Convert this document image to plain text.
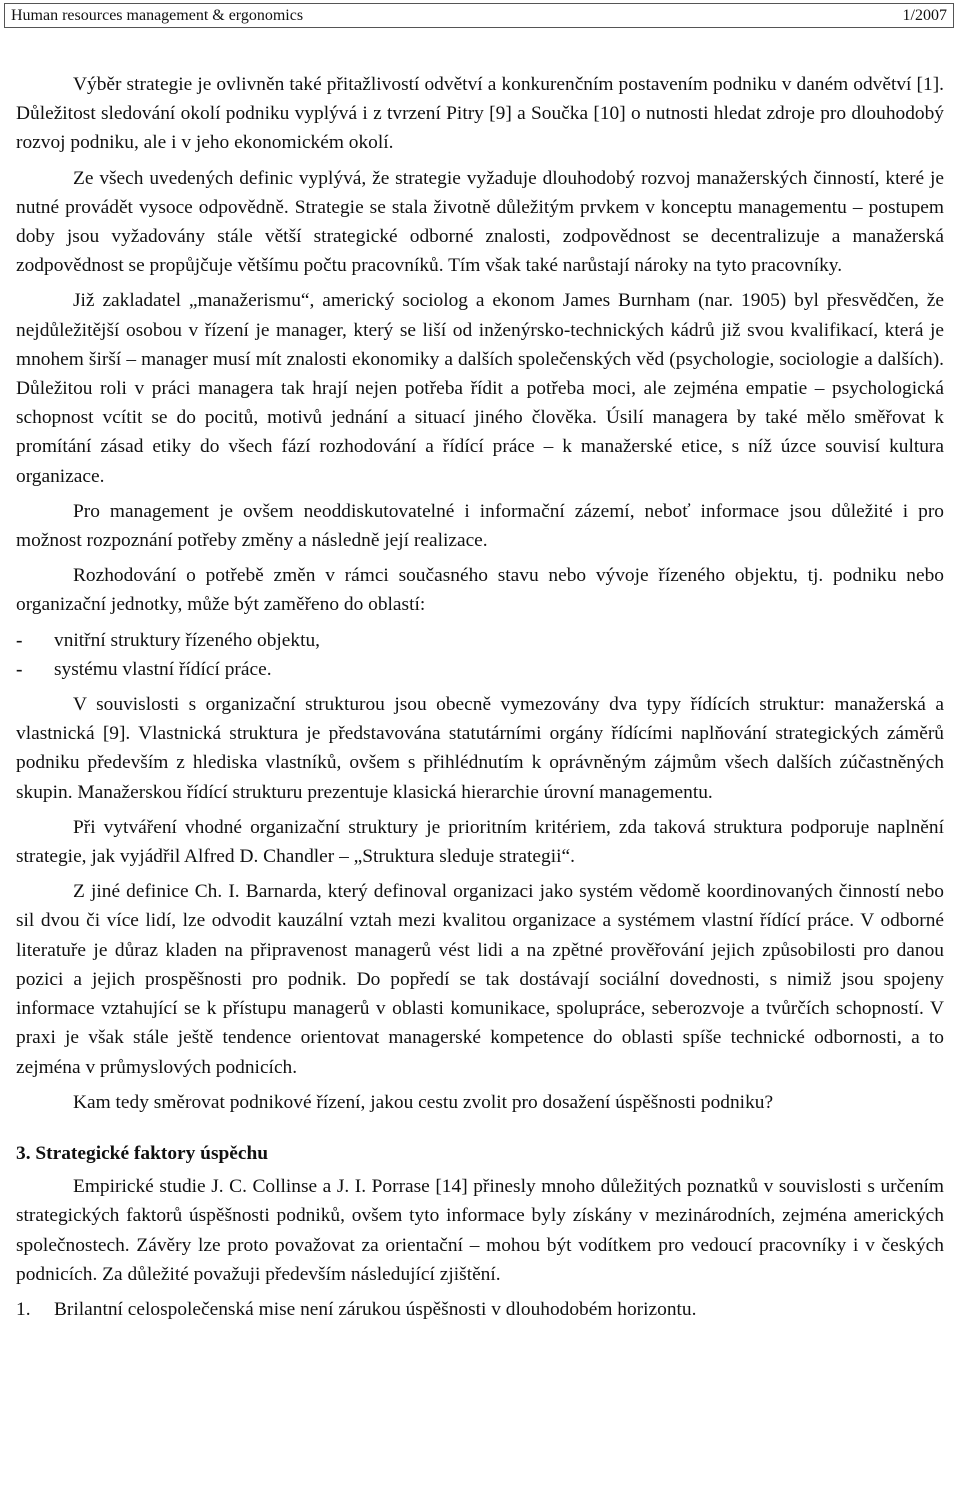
Human resources management & ergonomics	1/2007

Výběr strategie je ovlivněn také přitažlivostí odvětví a konkurenčním postavením podniku v daném odvětví [1]. Důležitost sledování okolí podniku vyplývá i z tvrzení Pitry [9] a Součka [10] o nutnosti hledat zdroje pro dlouhodobý rozvoj podniku, ale i v jeho ekonomickém okolí.

Ze všech uvedených definic vyplývá, že strategie vyžaduje dlouhodobý rozvoj manažerských činností, které je nutné provádět vysoce odpovědně. Strategie se stala životně důležitým prvkem v konceptu managementu – postupem doby jsou vyžadovány stále větší strategické odborné znalosti, zodpovědnost se decentralizuje a manažerská zodpovědnost se propůjčuje většímu počtu pracovníků. Tím však také narůstají nároky na tyto pracovníky.

Již zakladatel „manažerismu“, americký sociolog a ekonom James Burnham (nar. 1905) byl přesvědčen, že nejdůležitější osobou v řízení je manager, který se liší od inženýrsko-technických kádrů již svou kvalifikací, která je mnohem širší – manager musí mít znalosti ekonomiky a dalších společenských věd (psychologie, sociologie a dalších). Důležitou roli v práci managera tak hrají nejen potřeba řídit a potřeba moci, ale zejména empatie – psychologická schopnost vcítit se do pocitů, motivů jednání a situací jiného člověka. Úsilí managera by také mělo směřovat k promítání zásad etiky do všech fází rozhodování a řídící práce – k manažerské etice, s níž úzce souvisí kultura organizace.

Pro management je ovšem neoddiskutovatelné i informační zázemí, neboť informace jsou důležité i pro možnost rozpoznání potřeby změny a následně její realizace.

Rozhodování o potřebě změn v rámci současného stavu nebo vývoje řízeného objektu, tj. podniku nebo organizační jednotky, může být zaměřeno do oblastí:

-	vnitřní struktury řízeného objektu,
-	systému vlastní řídící práce.

V souvislosti s organizační strukturou jsou obecně vymezovány dva typy řídících struktur: manažerská a vlastnická [9]. Vlastnická struktura je představována statutárními orgány řídícími naplňování strategických záměrů podniku především z hlediska vlastníků, ovšem s přihlédnutím k oprávněným zájmům všech dalších zúčastněných skupin. Manažerskou řídící strukturu prezentuje klasická hierarchie úrovní managementu.

Při vytváření vhodné organizační struktury je prioritním kritériem, zda taková struktura podporuje naplnění strategie, jak vyjádřil Alfred D. Chandler – „Struktura sleduje strategii“.

Z jiné definice Ch. I. Barnarda, který definoval organizaci jako systém vědomě koordinovaných činností nebo sil dvou či více lidí, lze odvodit kauzální vztah mezi kvalitou organizace a systémem vlastní řídící práce. V odborné literatuře je důraz kladen na připravenost managerů vést lidi a na zpětné prověřování jejich způsobilosti pro danou pozici a jejich prospěšnosti pro podnik. Do popředí se tak dostávají sociální dovednosti, s nimiž jsou spojeny informace vztahující se k přístupu managerů v oblasti komunikace, spolupráce, seberozvoje a tvůrčích schopností. V praxi je však stále ještě tendence orientovat managerské kompetence do oblasti spíše technické odbornosti, a to zejména v průmyslových podnicích.

Kam tedy směrovat podnikové řízení, jakou cestu zvolit pro dosažení úspěšnosti podniku?

3. Strategické faktory úspěchu

Empirické studie J. C. Collinse a J. I. Porrase [14] přinesly mnoho důležitých poznatků v souvislosti s určením strategických faktorů úspěšnosti podniků, ovšem tyto informace byly získány v mezinárodních, zejména amerických společnostech. Závěry lze proto považovat za orientační – mohou být vodítkem pro vedoucí pracovníky i v českých podnicích. Za důležité považuji především následující zjištění.

1.	Brilantní celospolečenská mise není zárukou úspěšnosti v dlouhodobém horizontu.
